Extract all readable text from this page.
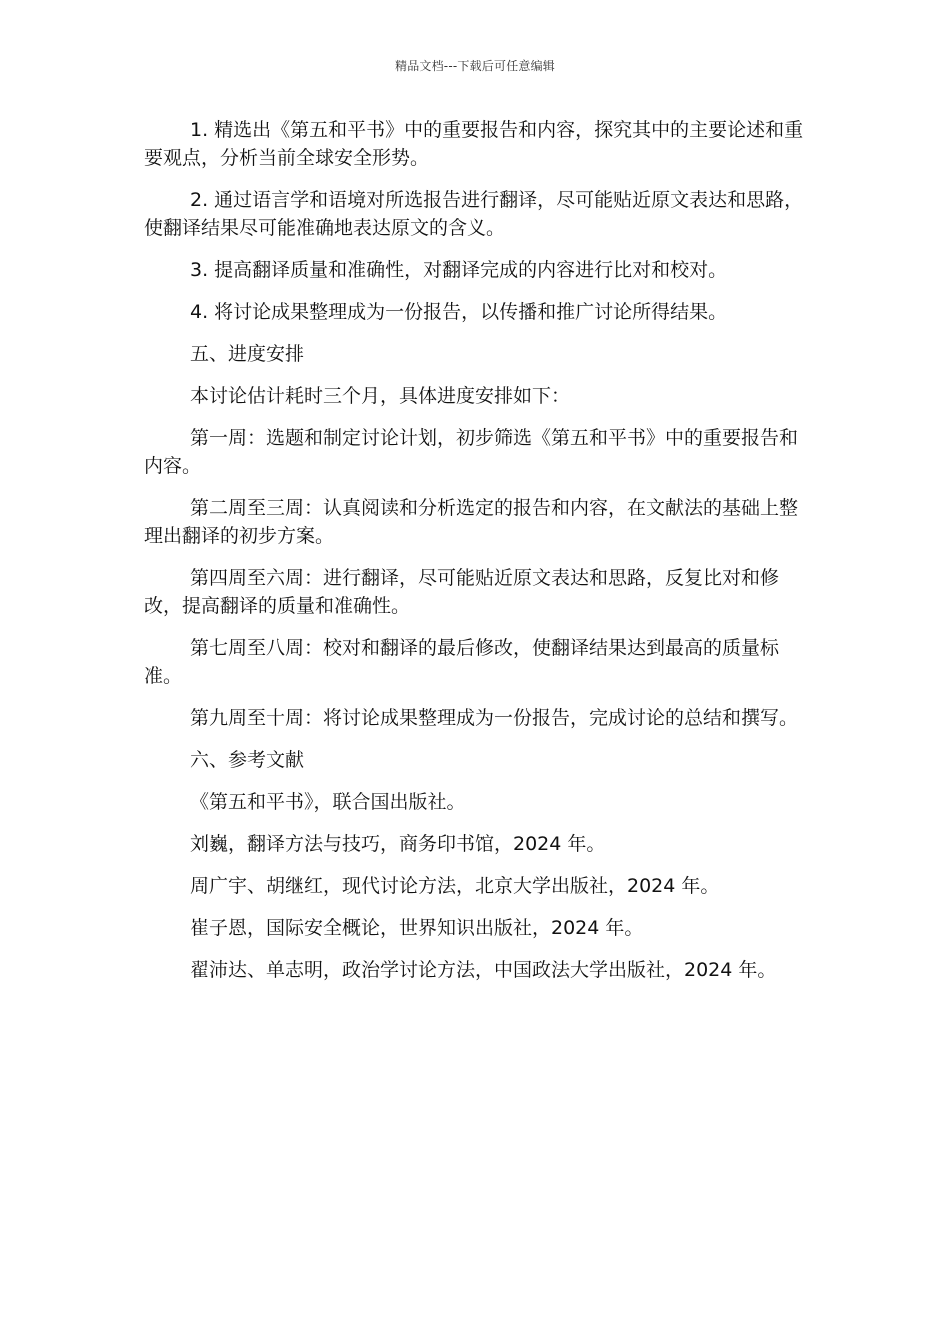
精品文档---下载后可任意编辑

1. 精选出《第五和平书》中的重要报告和内容，探究其中的主要论述和重要观点，分析当前全球安全形势。

2. 通过语言学和语境对所选报告进行翻译，尽可能贴近原文表达和思路，使翻译结果尽可能准确地表达原文的含义。

3. 提高翻译质量和准确性，对翻译完成的内容进行比对和校对。

4. 将讨论成果整理成为一份报告，以传播和推广讨论所得结果。

五、进度安排

本讨论估计耗时三个月，具体进度安排如下：

第一周：选题和制定讨论计划，初步筛选《第五和平书》中的重要报告和内容。

第二周至三周：认真阅读和分析选定的报告和内容，在文献法的基础上整理出翻译的初步方案。

第四周至六周：进行翻译，尽可能贴近原文表达和思路，反复比对和修改，提高翻译的质量和准确性。

第七周至八周：校对和翻译的最后修改，使翻译结果达到最高的质量标准。

第九周至十周：将讨论成果整理成为一份报告，完成讨论的总结和撰写。

六、参考文献

《第五和平书》，联合国出版社。

刘巍，翻译方法与技巧，商务印书馆，2024 年。

周广宇、胡继红，现代讨论方法，北京大学出版社，2024 年。

崔子恩，国际安全概论，世界知识出版社，2024 年。

翟沛达、单志明，政治学讨论方法，中国政法大学出版社，2024 年。
